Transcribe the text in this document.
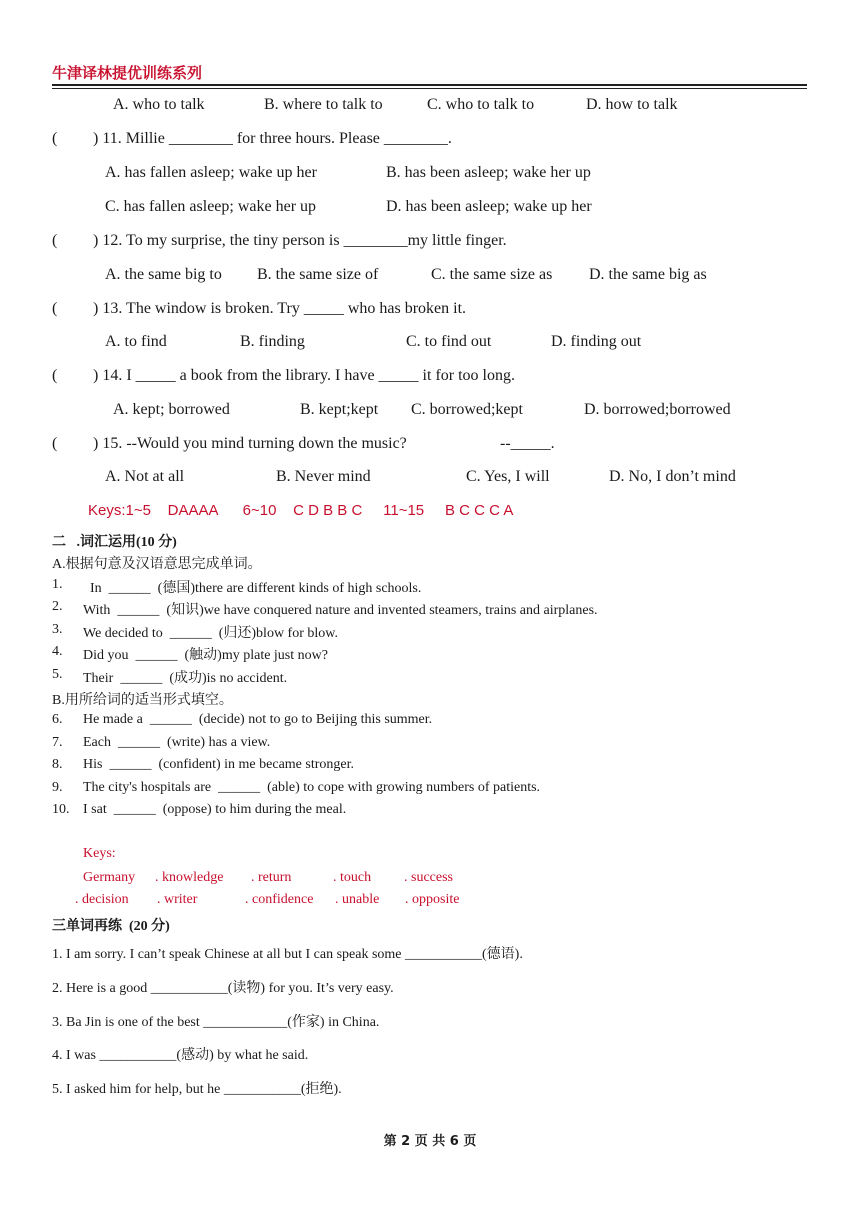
牛津译林提优训练系列
A. who to talk	B. where to talk to	C. who to talk to	D. how to talk
( ) 11. Millie ________ for three hours. Please ________.
A. has fallen asleep; wake up her	B. has been asleep; wake her up
C. has fallen asleep; wake her up	D. has been asleep; wake up her
( ) 12. To my surprise, the tiny person is ________my little finger.
A. the same big to B. the same size of	C. the same size as D. the same big as
( ) 13. The window is broken. Try _____ who has broken it.
A. to find	B. finding	C. to find out	D. finding out
( ) 14. I _____ a book from the library. I have _____ it for too long.
A. kept; borrowed	B. kept;kept C. borrowed;kept	D. borrowed;borrowed
( ) 15. --Would you mind turning down the music?	--_____.
A. Not at all	B. Never mind	C. Yes, I will	D. No, I don’t mind
Keys:1~5    DAAAA      6~10    C D B B C     11~15     B C C C A
二   .词汇运用(10 分)
A.根据句意及汉语意思完成单词。
1. In  ______  (德国)there are different kinds of high schools.
2. With  ______  (知识)we have conquered nature and invented steamers, trains and airplanes.
3. We decided to  ______  (归还)blow for blow.
4. Did you  ______  (触动)my plate just now?
5. Their  ______  (成功)is no accident.
B.用所给词的适当形式填空。
6. He made a  ______  (decide) not to go to Beijing this summer.
7. Each  ______  (write) has a view.
8. His  ______  (confident) in me became stronger.
9. The city's hospitals are  ______  (able) to cope with growing numbers of patients.
10. I sat  ______  (oppose) to him during the meal.
Keys:
Germany . knowledge . return	. touch . success
. decision . writer	. confidence . unable . opposite
三单词再练  (20 分)
1. I am sorry. I can’t speak Chinese at all but I can speak some ___________(德语).
2. Here is a good ___________(读物) for you. It’s very easy.
3. Ba Jin is one of the best ____________(作家) in China.
4. I was ___________(感动) by what he said.
5. I asked him for help, but he ___________(拒绝).
第 2 页 共 6 页
